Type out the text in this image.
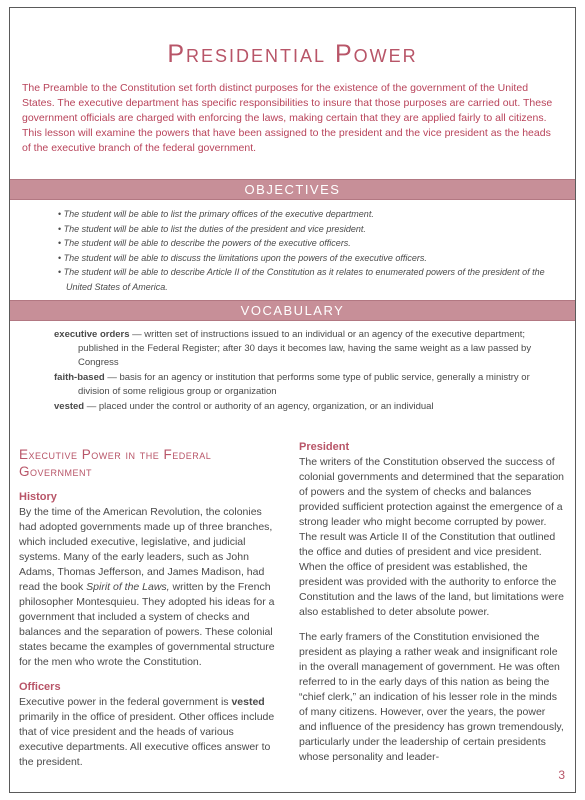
Presidential Power

The Preamble to the Constitution set forth distinct purposes for the existence of the government of the United States. The executive department has specific responsibilities to insure that those purposes are carried out. These government officials are charged with enforcing the laws, making certain that they are applied fairly to all citizens. This lesson will examine the powers that have been assigned to the president and the vice president as the heads of the executive branch of the federal government.

OBJECTIVES
• The student will be able to list the primary offices of the executive department.
• The student will be able to list the duties of the president and vice president.
• The student will be able to describe the powers of the executive officers.
• The student will be able to discuss the limitations upon the powers of the executive officers.
• The student will be able to describe Article II of the Constitution as it relates to enumerated powers of the president of the United States of America.
VOCABULARY
executive orders — written set of instructions issued to an individual or an agency of the executive department; published in the Federal Register; after 30 days it becomes law, having the same weight as a law passed by Congress
faith-based — basis for an agency or institution that performs some type of public service, generally a ministry or division of some religious group or organization
vested — placed under the control or authority of an agency, organization, or an individual
Executive Power in the Federal Government
History

By the time of the American Revolution, the colonies had adopted governments made up of three branches, which included executive, legislative, and judicial systems. Many of the early leaders, such as John Adams, Thomas Jefferson, and James Madison, had read the book Spirit of the Laws, written by the French philosopher Montesquieu. They adopted his ideas for a government that included a system of checks and balances and the separation of powers. These colonial states became the examples of governmental structure for the men who wrote the Constitution.

Officers

Executive power in the federal government is vested primarily in the office of president. Other offices include that of vice president and the heads of various executive departments. All executive offices answer to the president.

President

The writers of the Constitution observed the success of colonial governments and determined that the separation of powers and the system of checks and balances provided sufficient protection against the emergence of a strong leader who might become corrupted by power. The result was Article II of the Constitution that outlined the office and duties of president and vice president. When the office of president was established, the president was provided with the authority to enforce the Constitution and the laws of the land, but limitations were also established to deter absolute power.

The early framers of the Constitution envisioned the president as playing a rather weak and insignificant role in the overall management of government. He was often referred to in the early days of this nation as being the “chief clerk,” an indication of his lesser role in the minds of many citizens. However, over the years, the power and influence of the presidency has grown tremendously, particularly under the leadership of certain presidents whose personality and leader-

3
